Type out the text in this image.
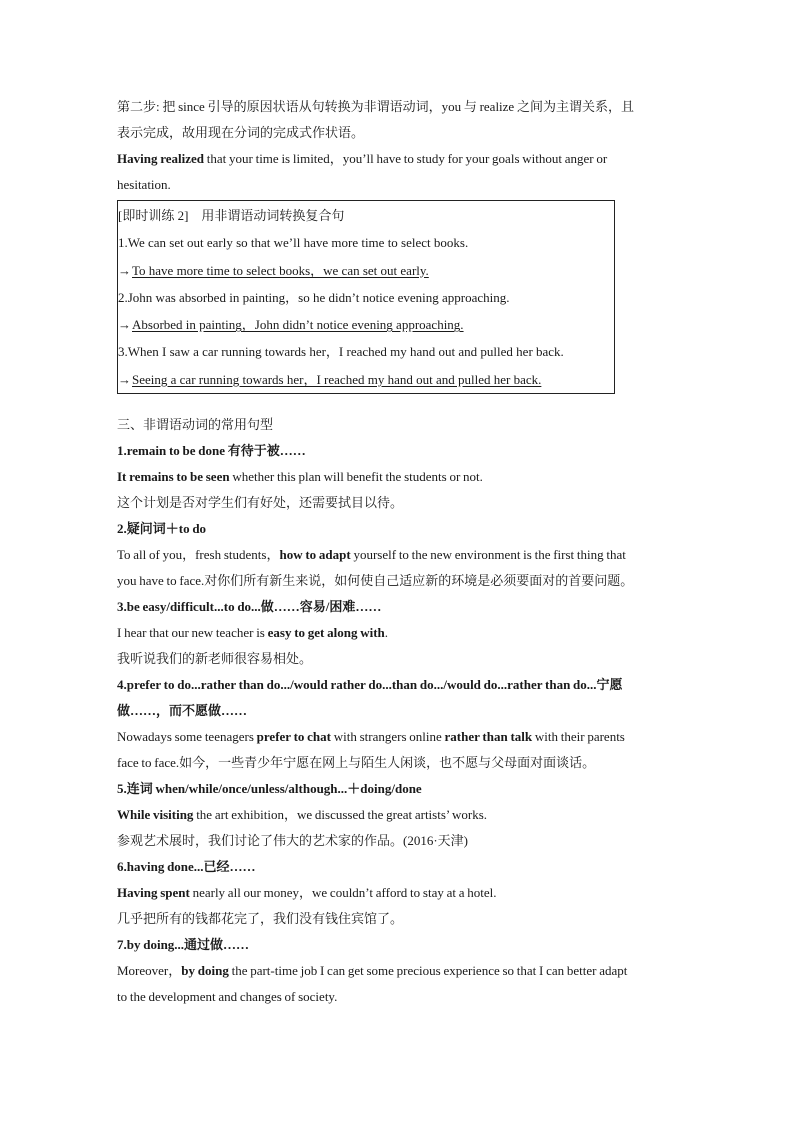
第二步: 把 since 引导的原因状语从句转换为非谓语动词，you 与 realize 之间为主谓关系，且
表示完成，故用现在分词的完成式作状语。
Having realized that your time is limited，you’ll have to study for your goals without anger or
hesitation.
[即时训练 2]　用非谓语动词转换复合句
1.We can set out early so that we’ll have more time to select books.
→To have more time to select books，we can set out early.
2.John was absorbed in painting，so he didn’t notice evening approaching.
→Absorbed in painting，John didn’t notice evening approaching.
3.When I saw a car running towards her，I reached my hand out and pulled her back.
→Seeing a car running towards her，I reached my hand out and pulled her back.
三、非谓语动词的常用句型
1.remain to be done 有待于被……
It remains to be seen whether this plan will benefit the students or not.
这个计划是否对学生们有好处，还需要拭目以待。
2.疑问词＋to do
To all of you，fresh students，how to adapt yourself to the new environment is the first thing that
you have to face.对你们所有新生来说，如何使自己适应新的环境是必须要面对的首要问题。
3.be easy/difficult...to do...做……容易/困难……
I hear that our new teacher is easy to get along with.
我听说我们的新老师很容易相处。
4.prefer to do...rather than do.../would rather do...than do.../would do...rather than do...宁愿
做……，而不愿做……
Nowadays some teenagers prefer to chat with strangers online rather than talk with their parents
face to face.如今，一些青少年宁愿在网上与陌生人闲谈，也不愿与父母面对面谈话。
5.连词 when/while/once/unless/although...＋doing/done
While visiting the art exhibition，we discussed the great artists’ works.
参观艺术展时，我们讨论了伟大的艺术家的作品。(2016·天津)
6.having done...已经……
Having spent nearly all our money，we couldn’t afford to stay at a hotel.
几乎把所有的钱都花完了，我们没有钱住宾馆了。
7.by doing...通过做……
Moreover，by doing the part-time job I can get some precious experience so that I can better adapt
to the development and changes of society.
